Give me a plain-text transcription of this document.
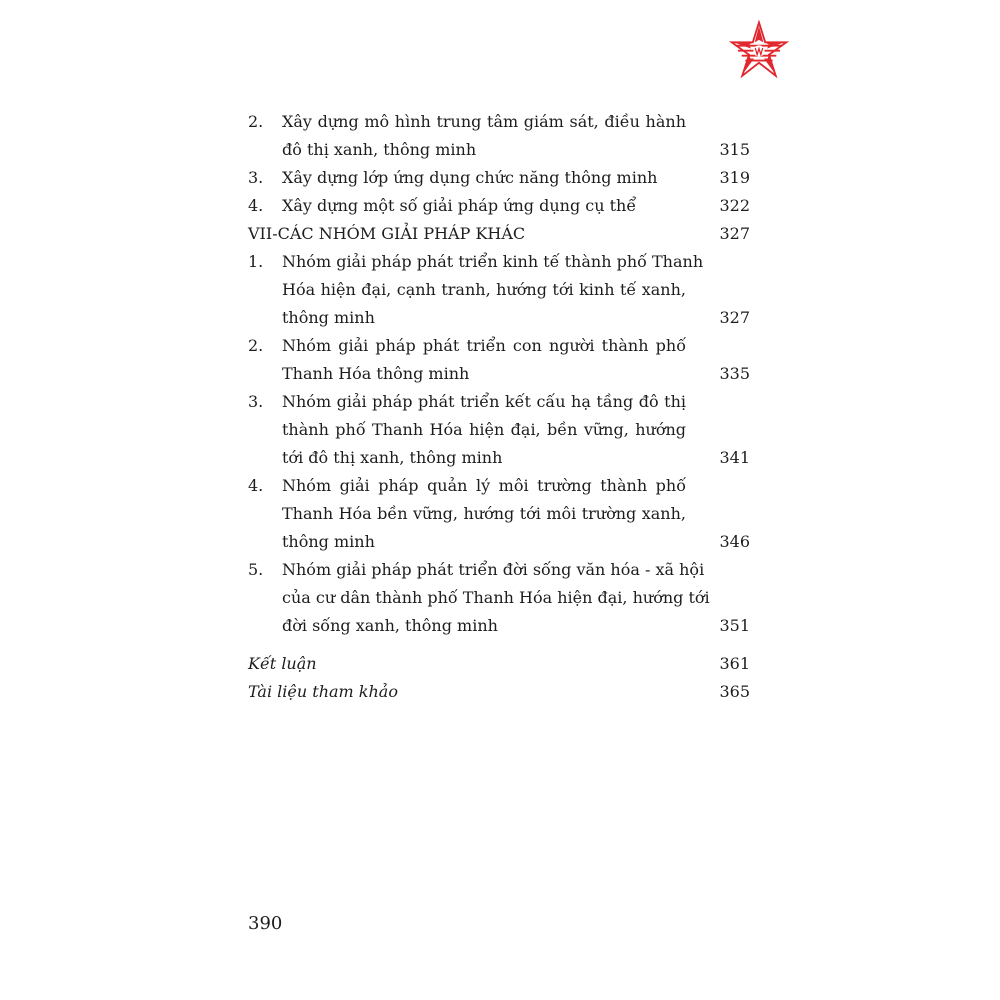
2. Xây dựng mô hình trung tâm giám sát, điều hành
đô thị xanh, thông minh	315
3. Xây dựng lớp ứng dụng chức năng thông minh	319
4. Xây dựng một số giải pháp ứng dụng cụ thể	322
VII-CÁC NHÓM GIẢI PHÁP KHÁC	327
1. Nhóm giải pháp phát triển kinh tế thành phố Thanh
Hóa hiện đại, cạnh tranh, hướng tới kinh tế xanh,
thông minh	327
2. Nhóm giải pháp phát triển con người thành phố
Thanh Hóa thông minh	335
3. Nhóm giải pháp phát triển kết cấu hạ tầng đô thị
thành phố Thanh Hóa hiện đại, bền vững, hướng
tới đô thị xanh, thông minh	341
4. Nhóm giải pháp quản lý môi trường thành phố
Thanh Hóa bền vững, hướng tới môi trường xanh,
thông minh	346
5. Nhóm giải pháp phát triển đời sống văn hóa - xã hội
của cư dân thành phố Thanh Hóa hiện đại, hướng tới
đời sống xanh, thông minh	351
Kết luận	361
Tài liệu tham khảo	365
390
